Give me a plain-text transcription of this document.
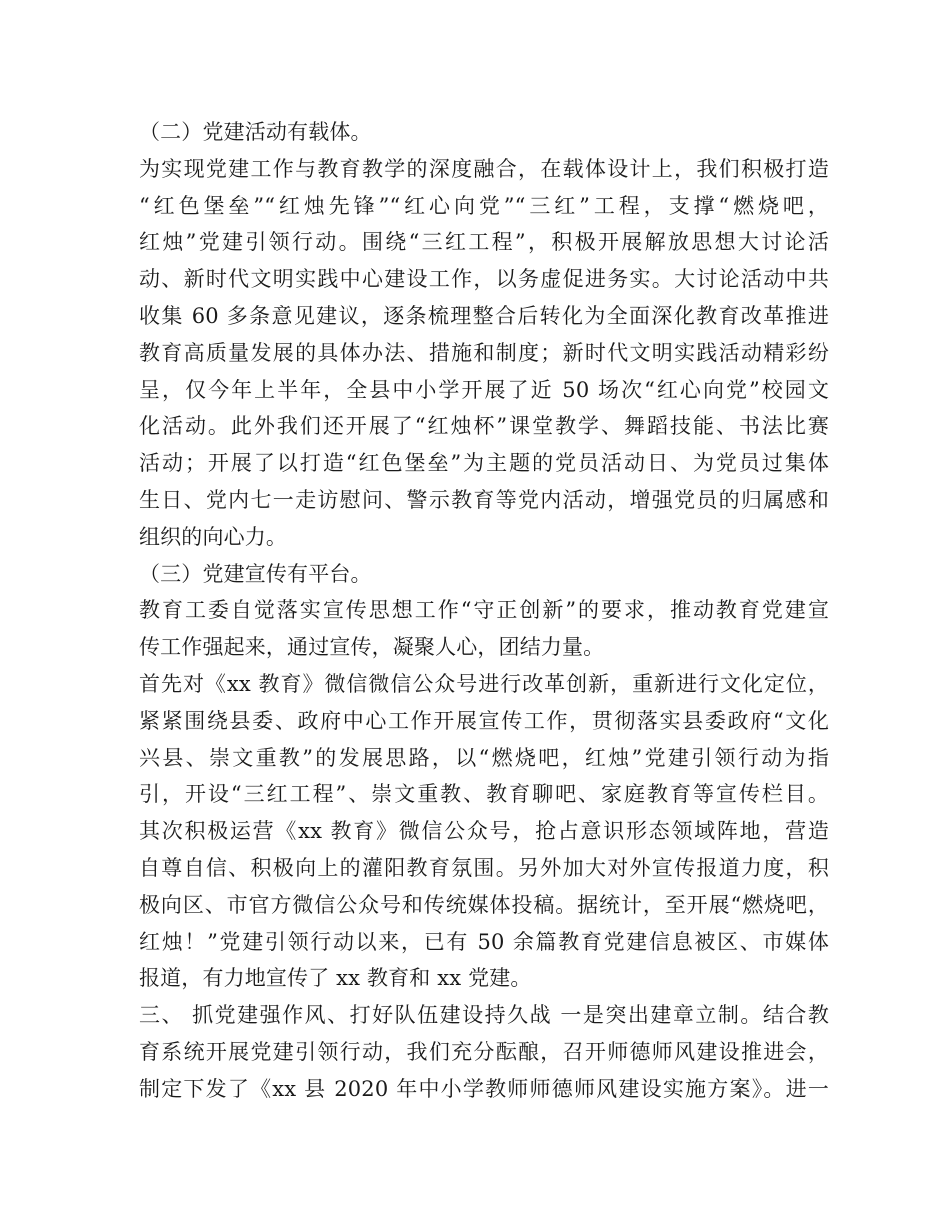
（二）党建活动有载体。
为实现党建工作与教育教学的深度融合，在载体设计上，我们积极打造
“红色堡垒”“红烛先锋”“红心向党”“三红”工程，支撑“燃烧吧，
红烛”党建引领行动。围绕“三红工程”，积极开展解放思想大讨论活
动、新时代文明实践中心建设工作，以务虚促进务实。大讨论活动中共
收集 60 多条意见建议，逐条梳理整合后转化为全面深化教育改革推进
教育高质量发展的具体办法、措施和制度；新时代文明实践活动精彩纷
呈，仅今年上半年，全县中小学开展了近 50 场次“红心向党”校园文
化活动。此外我们还开展了“红烛杯”课堂教学、舞蹈技能、书法比赛
活动；开展了以打造“红色堡垒”为主题的党员活动日、为党员过集体
生日、党内七一走访慰问、警示教育等党内活动，增强党员的归属感和
组织的向心力。
（三）党建宣传有平台。
教育工委自觉落实宣传思想工作“守正创新”的要求，推动教育党建宣
传工作强起来，通过宣传，凝聚人心，团结力量。
首先对《xx 教育》微信微信公众号进行改革创新，重新进行文化定位，
紧紧围绕县委、政府中心工作开展宣传工作，贯彻落实县委政府“文化
兴县、崇文重教”的发展思路，以“燃烧吧，红烛”党建引领行动为指
引，开设“三红工程”、崇文重教、教育聊吧、家庭教育等宣传栏目。
其次积极运营《xx 教育》微信公众号，抢占意识形态领域阵地，营造
自尊自信、积极向上的灌阳教育氛围。另外加大对外宣传报道力度，积
极向区、市官方微信公众号和传统媒体投稿。据统计，至开展“燃烧吧，
红烛！”党建引领行动以来，已有 50 余篇教育党建信息被区、市媒体
报道，有力地宣传了 xx 教育和 xx 党建。
三、 抓党建强作风、打好队伍建设持久战 一是突出建章立制。结合教
育系统开展党建引领行动，我们充分酝酿，召开师德师风建设推进会，
制定下发了《xx 县 2020 年中小学教师师德师风建设实施方案》。进一
